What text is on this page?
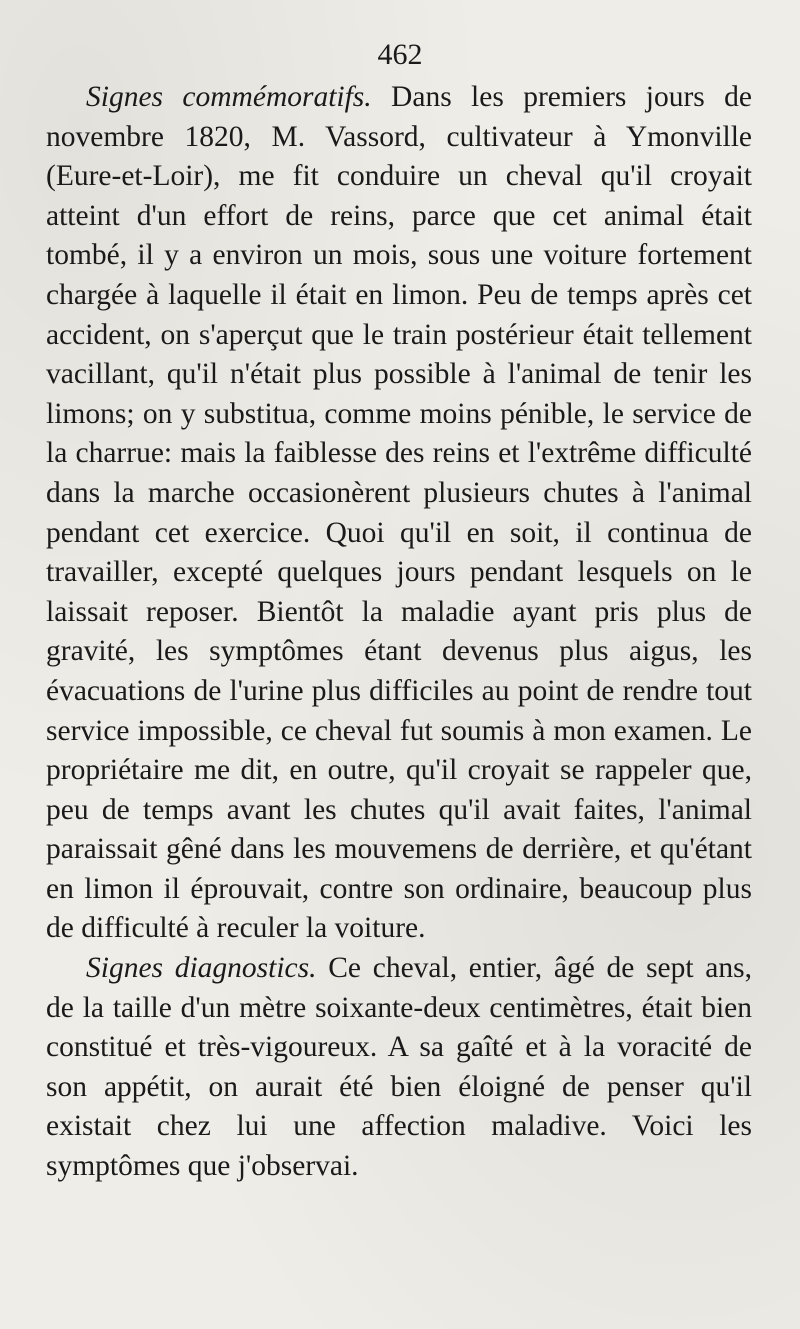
462

Signes commémoratifs. Dans les premiers jours de novembre 1820, M. Vassord, cultivateur à Ymonville (Eure-et-Loir), me fit conduire un cheval qu'il croyait atteint d'un effort de reins, parce que cet animal était tombé, il y a environ un mois, sous une voiture fortement chargée à laquelle il était en limon. Peu de temps après cet accident, on s'aperçut que le train postérieur était tellement vacillant, qu'il n'était plus possible à l'animal de tenir les limons; on y substitua, comme moins pénible, le service de la charrue: mais la faiblesse des reins et l'extrême difficulté dans la marche occasionèrent plusieurs chutes à l'animal pendant cet exercice. Quoi qu'il en soit, il continua de travailler, excepté quelques jours pendant lesquels on le laissait reposer. Bientôt la maladie ayant pris plus de gravité, les symptômes étant devenus plus aigus, les évacuations de l'urine plus difficiles au point de rendre tout service impossible, ce cheval fut soumis à mon examen. Le propriétaire me dit, en outre, qu'il croyait se rappeler que, peu de temps avant les chutes qu'il avait faites, l'animal paraissait gêné dans les mouvemens de derrière, et qu'étant en limon il éprouvait, contre son ordinaire, beaucoup plus de difficulté à reculer la voiture.

Signes diagnostics. Ce cheval, entier, âgé de sept ans, de la taille d'un mètre soixante-deux centimètres, était bien constitué et très-vigoureux. A sa gaîté et à la voracité de son appétit, on aurait été bien éloigné de penser qu'il existait chez lui une affection maladive. Voici les symptômes que j'observai.
